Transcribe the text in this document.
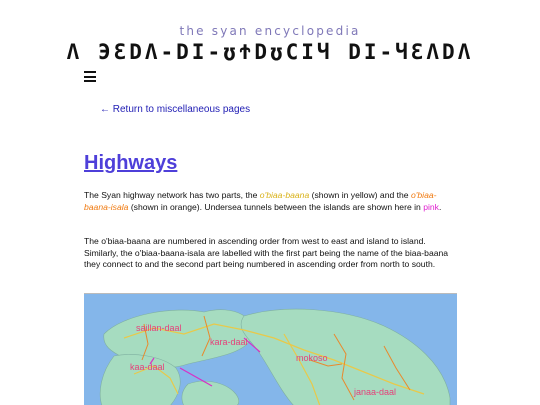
the syan encyclopedia
Λ ЭƐDΛ-DI-ʊϮDʊϹIЧ DI-ЧƐΛDΛ
← Return to miscellaneous pages
Highways
The Syan highway network has two parts, the o'biaa-baana (shown in yellow) and the o'biaa-baana-isala (shown in orange). Undersea tunnels between the islands are shown here in pink.
The o'biaa-baana are numbered in ascending order from west to east and island to island. Similarly, the o'biaa-baana-isala are labelled with the first part being the name of the biaa-baana they connect to and the second part being numbered in ascending order from north to south.
saillan-daal
kara-daal
mokoso
kaa-daal
janaa-daal
